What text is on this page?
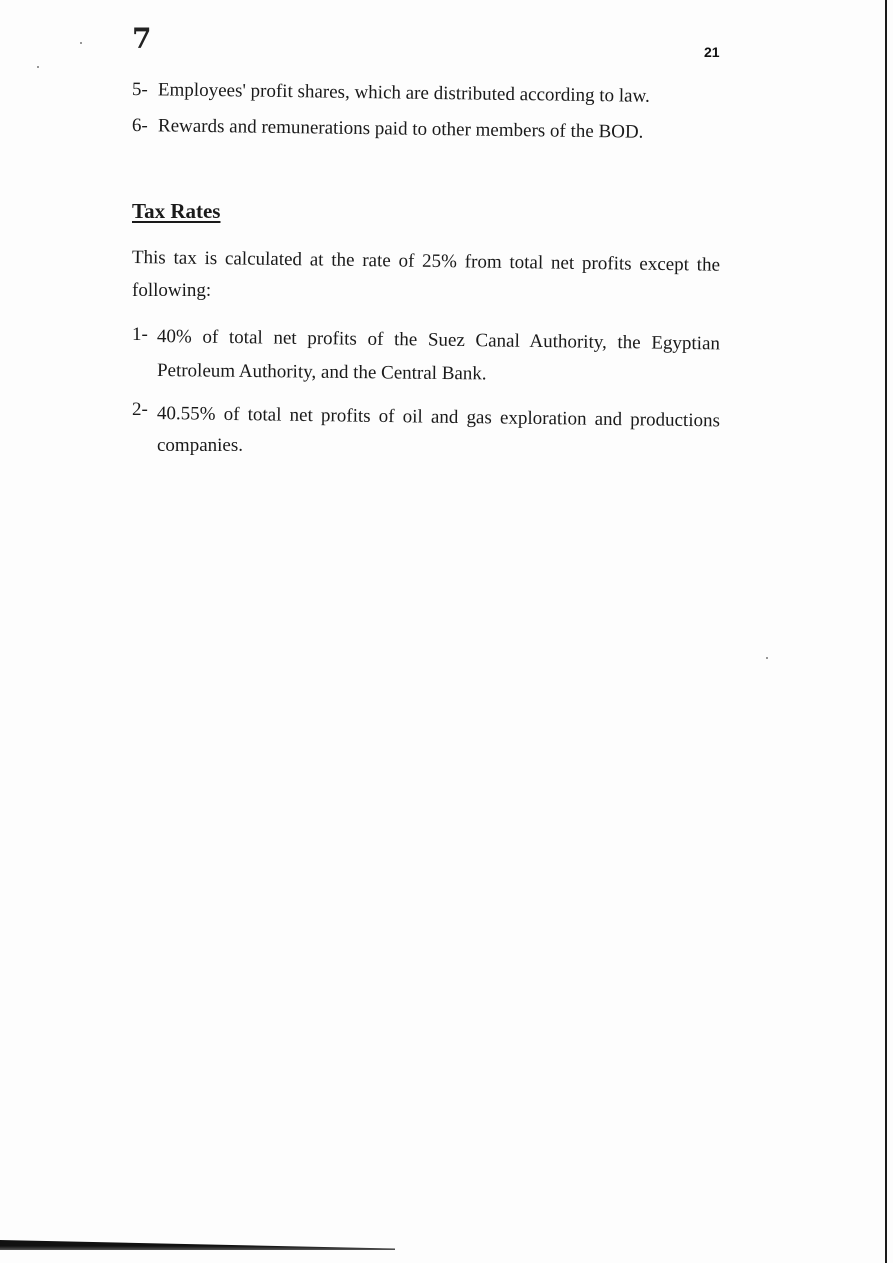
7	21
5- Employees' profit shares, which are distributed according to law.
6- Rewards and remunerations paid to other members of the BOD.
Tax Rates
This tax is calculated at the rate of 25% from total net profits except the
following:
1- 40% of total net profits of the Suez Canal Authority, the Egyptian
Petroleum Authority, and the Central Bank.
2- 40.55% of total net profits of oil and gas exploration and productions
companies.
